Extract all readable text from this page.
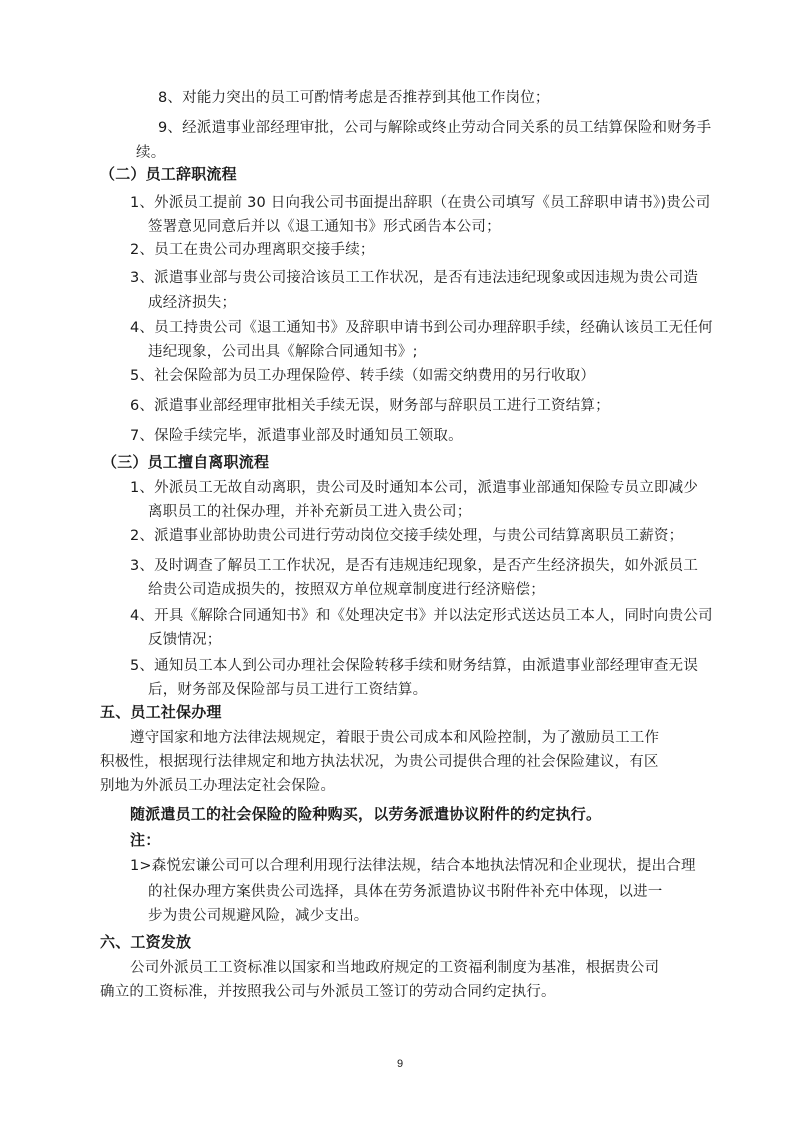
8、对能力突出的员工可酌情考虑是否推荐到其他工作岗位；
9、经派遣事业部经理审批，公司与解除或终止劳动合同关系的员工结算保险和财务手
续。
（二）员工辞职流程
1、外派员工提前 30 日向我公司书面提出辞职（在贵公司填写《员工辞职申请书》)贵公司
签署意见同意后并以《退工通知书》形式函告本公司；
2、员工在贵公司办理离职交接手续；
3、派遣事业部与贵公司接洽该员工工作状况，是否有违法违纪现象或因违规为贵公司造
成经济损失；
4、员工持贵公司《退工通知书》及辞职申请书到公司办理辞职手续，经确认该员工无任何
违纪现象，公司出具《解除合同通知书》;
5、社会保险部为员工办理保险停、转手续（如需交纳费用的另行收取）
6、派遣事业部经理审批相关手续无误，财务部与辞职员工进行工资结算；
7、保险手续完毕，派遣事业部及时通知员工领取。
（三）员工擅自离职流程
1、外派员工无故自动离职，贵公司及时通知本公司，派遣事业部通知保险专员立即减少
离职员工的社保办理，并补充新员工进入贵公司；
2、派遣事业部协助贵公司进行劳动岗位交接手续处理，与贵公司结算离职员工薪资；
3、及时调查了解员工工作状况，是否有违规违纪现象，是否产生经济损失，如外派员工
给贵公司造成损失的，按照双方单位规章制度进行经济赔偿；
4、开具《解除合同通知书》和《处理决定书》并以法定形式送达员工本人，同时向贵公司
反馈情况；
5、通知员工本人到公司办理社会保险转移手续和财务结算，由派遣事业部经理审查无误
后，财务部及保险部与员工进行工资结算。
五、员工社保办理
遵守国家和地方法律法规规定，着眼于贵公司成本和风险控制，为了激励员工工作
积极性，根据现行法律规定和地方执法状况，为贵公司提供合理的社会保险建议，有区
别地为外派员工办理法定社会保险。
随派遣员工的社会保险的险种购买，以劳务派遣协议附件的约定执行。
注：
1>森悦宏谦公司可以合理利用现行法律法规，结合本地执法情况和企业现状，提出合理
的社保办理方案供贵公司选择，具体在劳务派遣协议书附件补充中体现，以进一
步为贵公司规避风险，减少支出。
六、工资发放
公司外派员工工资标准以国家和当地政府规定的工资福利制度为基准，根据贵公司
确立的工资标准，并按照我公司与外派员工签订的劳动合同约定执行。
9
